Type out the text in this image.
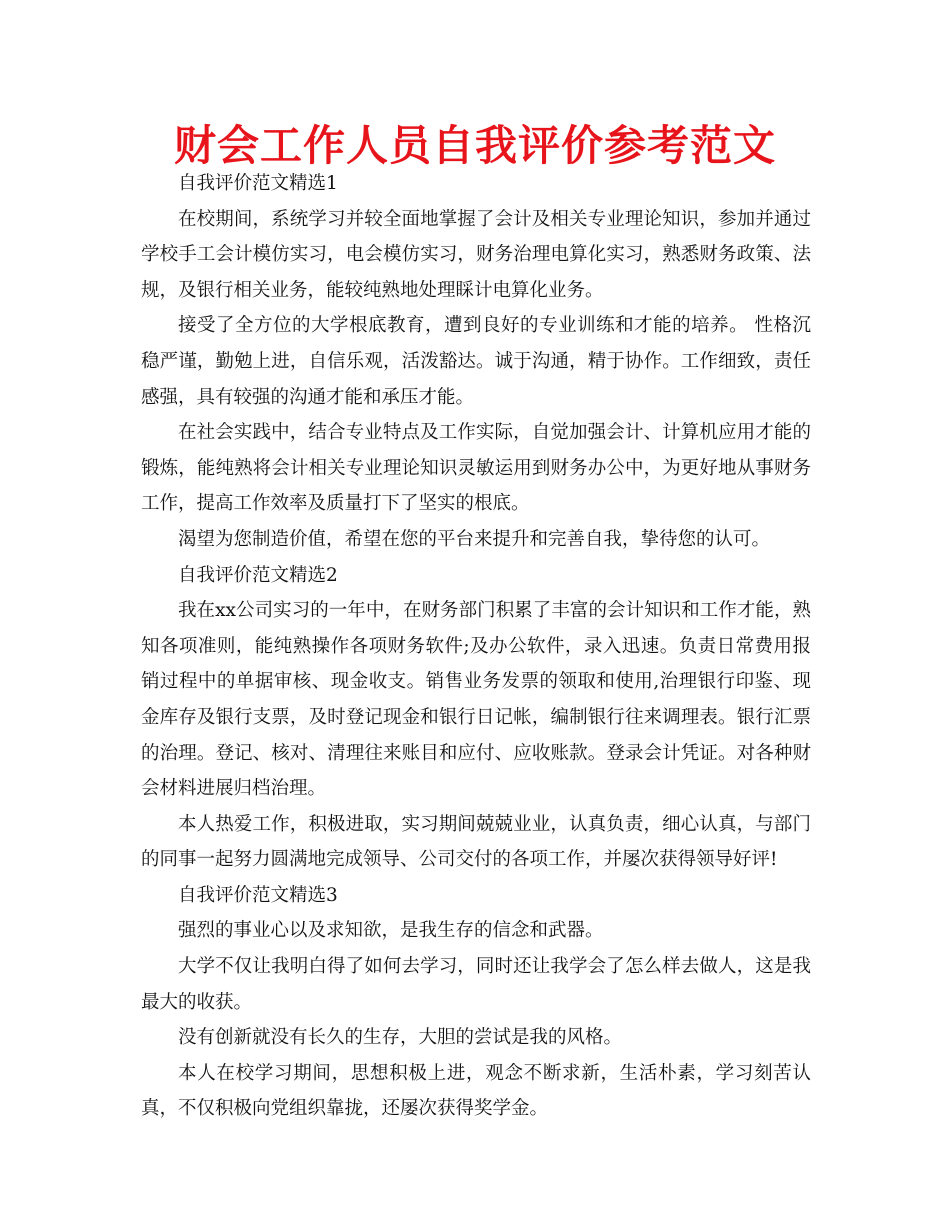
财会工作人员自我评价参考范文

自我评价范文精选1

在校期间，系统学习并较全面地掌握了会计及相关专业理论知识，参加并通过学校手工会计模仿实习，电会模仿实习，财务治理电算化实习，熟悉财务政策、法规，及银行相关业务，能较纯熟地处理睬计电算化业务。

接受了全方位的大学根底教育，遭到良好的专业训练和才能的培养。 性格沉稳严谨，勤勉上进，自信乐观，活泼豁达。诚于沟通，精于协作。工作细致，责任感强，具有较强的沟通才能和承压才能。

在社会实践中，结合专业特点及工作实际，自觉加强会计、计算机应用才能的锻炼，能纯熟将会计相关专业理论知识灵敏运用到财务办公中，为更好地从事财务工作，提高工作效率及质量打下了坚实的根底。

渴望为您制造价值，希望在您的平台来提升和完善自我，挚待您的认可。

自我评价范文精选2

我在xx公司实习的一年中，在财务部门积累了丰富的会计知识和工作才能，熟知各项准则，能纯熟操作各项财务软件;及办公软件，录入迅速。负责日常费用报销过程中的单据审核、现金收支。销售业务发票的领取和使用,治理银行印鉴、现金库存及银行支票，及时登记现金和银行日记帐，编制银行往来调理表。银行汇票的治理。登记、核对、清理往来账目和应付、应收账款。登录会计凭证。对各种财会材料进展归档治理。

本人热爱工作，积极进取，实习期间兢兢业业，认真负责，细心认真，与部门的同事一起努力圆满地完成领导、公司交付的各项工作，并屡次获得领导好评!

自我评价范文精选3

强烈的事业心以及求知欲，是我生存的信念和武器。

大学不仅让我明白得了如何去学习，同时还让我学会了怎么样去做人，这是我最大的收获。

没有创新就没有长久的生存，大胆的尝试是我的风格。

本人在校学习期间，思想积极上进，观念不断求新，生活朴素，学习刻苦认真，不仅积极向党组织靠拢，还屡次获得奖学金。
